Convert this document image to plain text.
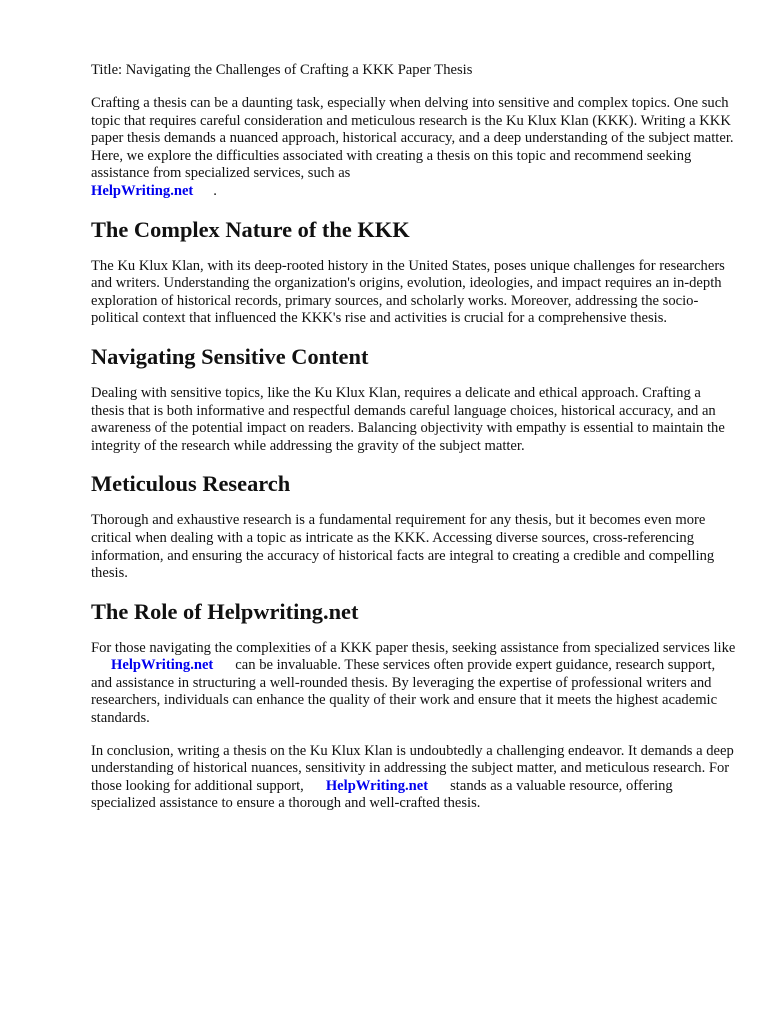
Title: Navigating the Challenges of Crafting a KKK Paper Thesis

Crafting a thesis can be a daunting task, especially when delving into sensitive and complex topics. One such topic that requires careful consideration and meticulous research is the Ku Klux Klan (KKK). Writing a KKK paper thesis demands a nuanced approach, historical accuracy, and a deep understanding of the subject matter. Here, we explore the difficulties associated with creating a thesis on this topic and recommend seeking assistance from specialized services, such as
HelpWriting.net .

The Complex Nature of the KKK

The Ku Klux Klan, with its deep-rooted history in the United States, poses unique challenges for researchers and writers. Understanding the organization's origins, evolution, ideologies, and impact requires an in-depth exploration of historical records, primary sources, and scholarly works. Moreover, addressing the socio-political context that influenced the KKK's rise and activities is crucial for a comprehensive thesis.

Navigating Sensitive Content

Dealing with sensitive topics, like the Ku Klux Klan, requires a delicate and ethical approach. Crafting a thesis that is both informative and respectful demands careful language choices, historical accuracy, and an awareness of the potential impact on readers. Balancing objectivity with empathy is essential to maintain the integrity of the research while addressing the gravity of the subject matter.

Meticulous Research

Thorough and exhaustive research is a fundamental requirement for any thesis, but it becomes even more critical when dealing with a topic as intricate as the KKK. Accessing diverse sources, cross-referencing information, and ensuring the accuracy of historical facts are integral to creating a credible and compelling thesis.

The Role of Helpwriting.net

For those navigating the complexities of a KKK paper thesis, seeking assistance from specialized services likeHelpWriting.net can be invaluable. These services often provide expert guidance, research support, and assistance in structuring a well-rounded thesis. By leveraging the expertise of professional writers and researchers, individuals can enhance the quality of their work and ensure that it meets the highest academic standards.

In conclusion, writing a thesis on the Ku Klux Klan is undoubtedly a challenging endeavor. It demands a deep understanding of historical nuances, sensitivity in addressing the subject matter, and meticulous research. For those looking for additional support, HelpWriting.net stands as a valuable resource, offering specialized assistance to ensure a thorough and well-crafted thesis.
